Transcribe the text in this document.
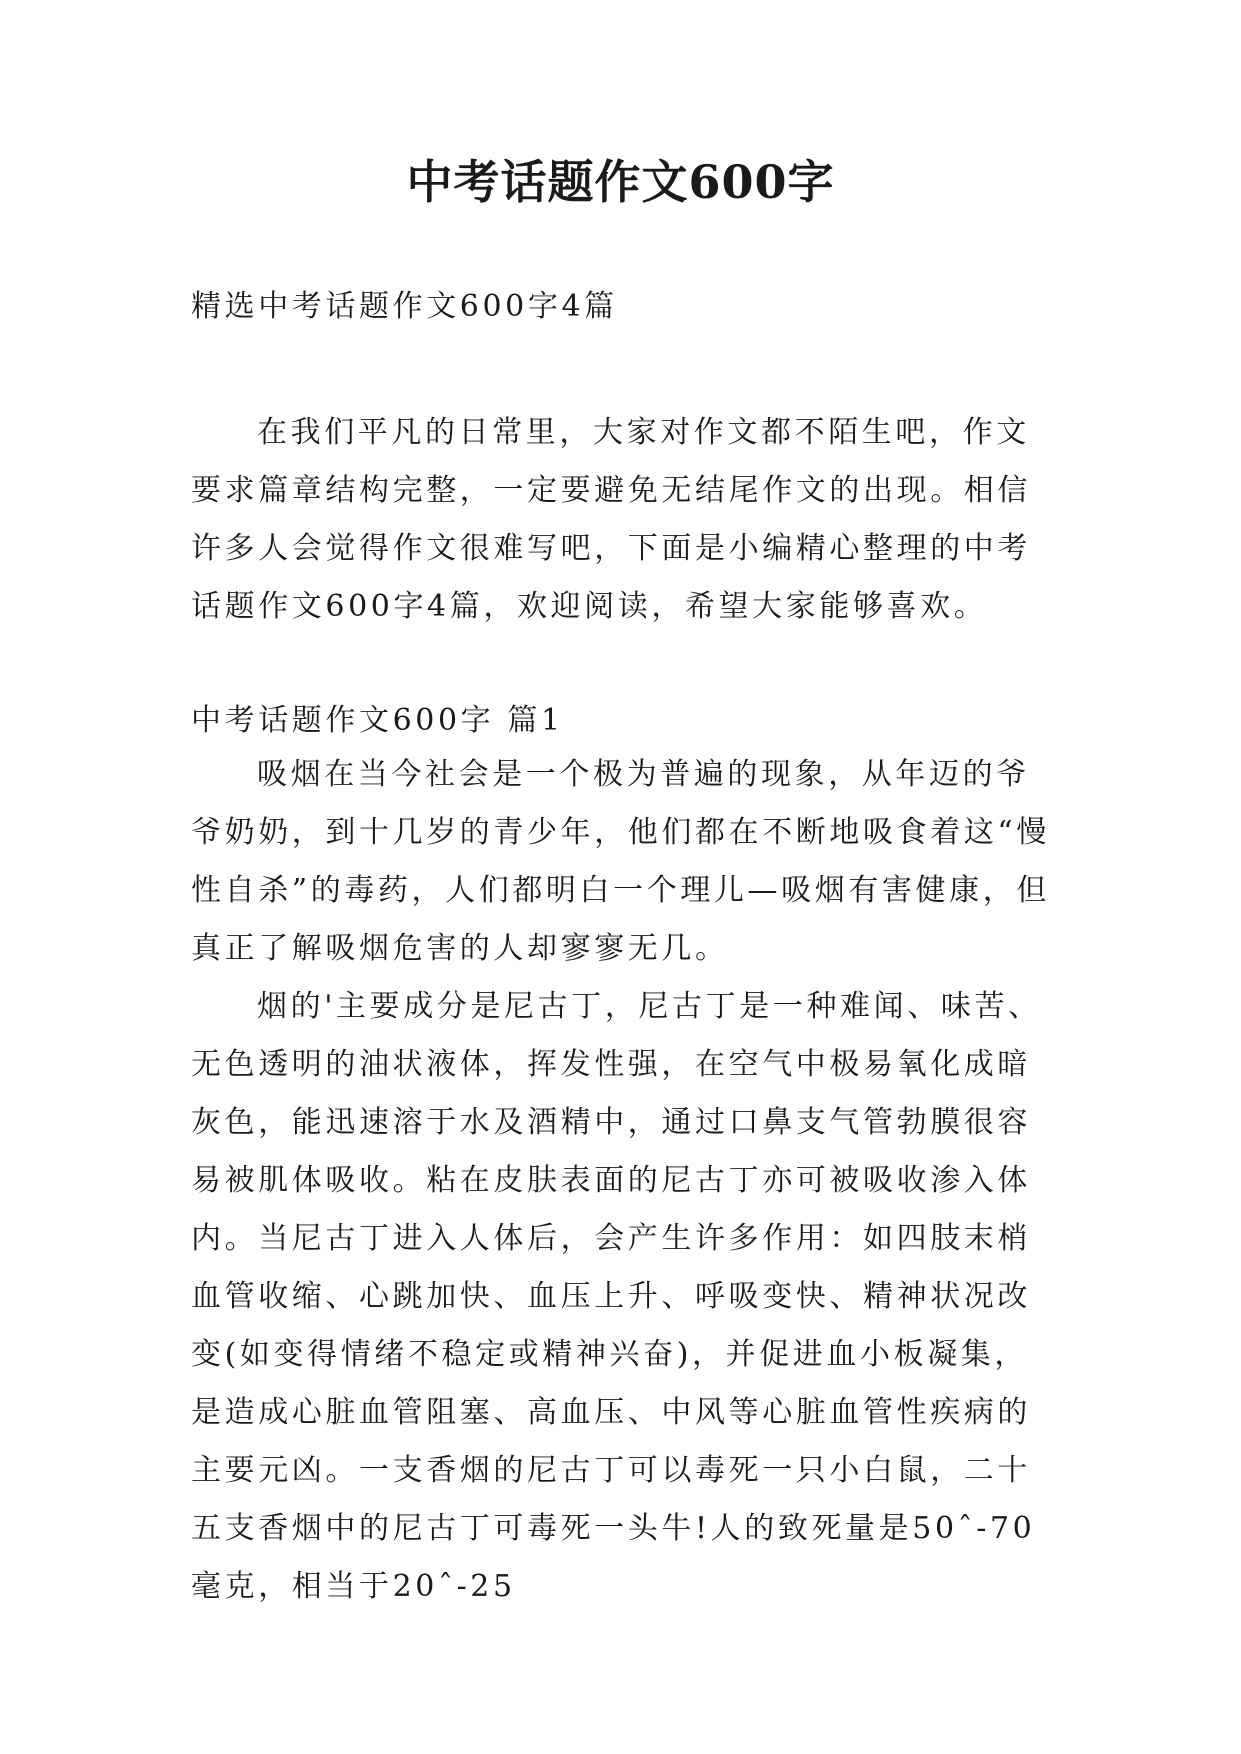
中考话题作文600字
精选中考话题作文600字4篇

在我们平凡的日常里，大家对作文都不陌生吧，作文要求篇章结构完整，一定要避免无结尾作文的出现。相信许多人会觉得作文很难写吧，下面是小编精心整理的中考话题作文600字4篇，欢迎阅读，希望大家能够喜欢。

中考话题作文600字 篇1

吸烟在当今社会是一个极为普遍的现象，从年迈的爷爷奶奶，到十几岁的青少年，他们都在不断地吸食着这“慢性自杀”的毒药，人们都明白一个理儿—吸烟有害健康，但真正了解吸烟危害的人却寥寥无几。

烟的'主要成分是尼古丁，尼古丁是一种难闻、味苦、无色透明的油状液体，挥发性强，在空气中极易氧化成暗灰色，能迅速溶于水及酒精中，通过口鼻支气管勃膜很容易被肌体吸收。粘在皮肤表面的尼古丁亦可被吸收渗入体内。当尼古丁进入人体后，会产生许多作用：如四肢末梢血管收缩、心跳加快、血压上升、呼吸变快、精神状况改变(如变得情绪不稳定或精神兴奋)，并促进血小板凝集，是造成心脏血管阻塞、高血压、中风等心脏血管性疾病的主要元凶。一支香烟的尼古丁可以毒死一只小白鼠，二十五支香烟中的尼古丁可毒死一头牛!人的致死量是50ˆ-70毫克，相当于20ˆ-25
